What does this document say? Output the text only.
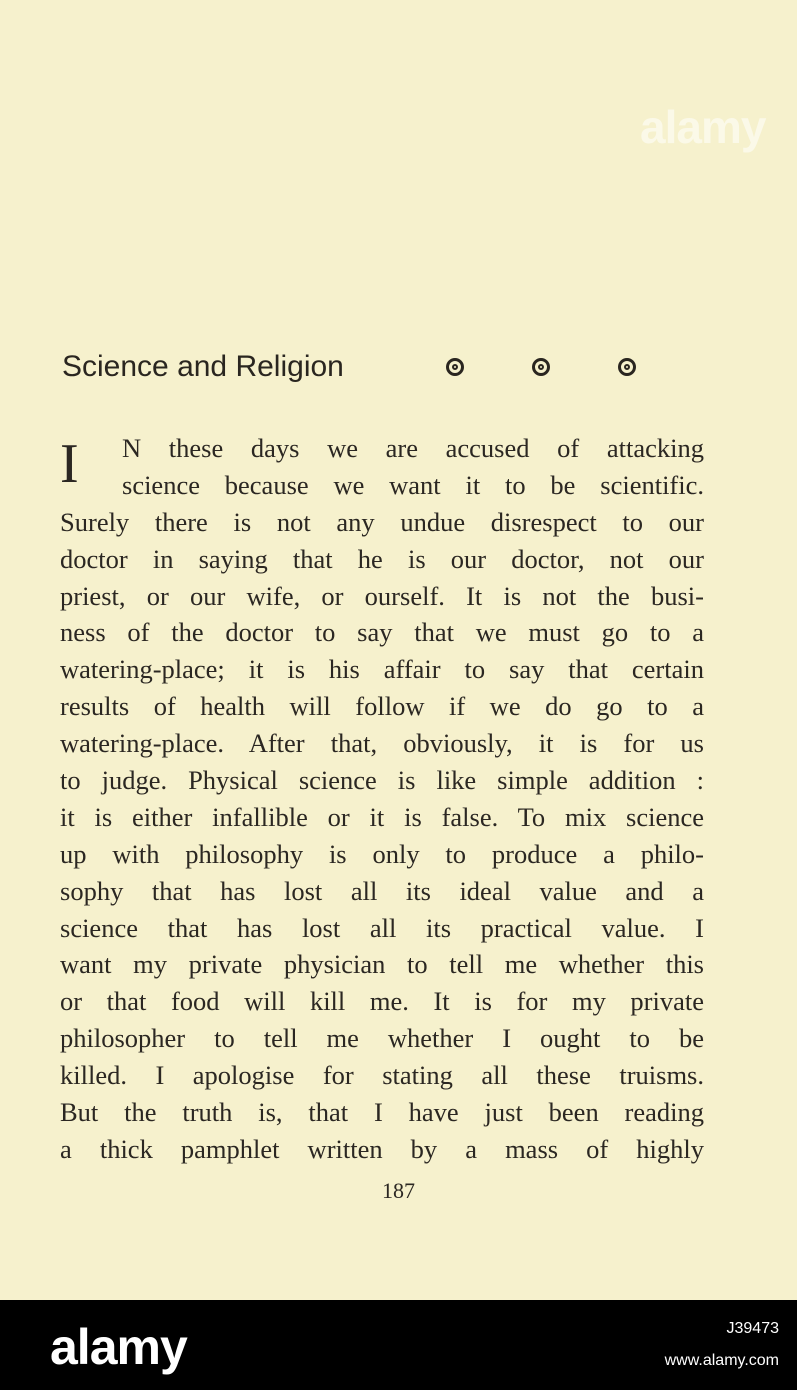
alamy
Science and Religion
I	N these days we are accused of attacking
science because we want it to be scientific.
Surely there is not any undue disrespect to our
doctor in saying that he is our doctor, not our
priest, or our wife, or ourself. It is not the busi-
ness of the doctor to say that we must go to a
watering-place; it is his affair to say that certain
results of health will follow if we do go to a
watering-place. After that, obviously, it is for us
to judge. Physical science is like simple addition :
it is either infallible or it is false. To mix science
up with philosophy is only to produce a philo-
sophy that has lost all its ideal value and a
science that has lost all its practical value. I
want my private physician to tell me whether this
or that food will kill me. It is for my private
philosopher to tell me whether I ought to be
killed. I apologise for stating all these truisms.
But the truth is, that I have just been reading
a thick pamphlet written by a mass of highly
187
alamy	J39473
www.alamy.com
